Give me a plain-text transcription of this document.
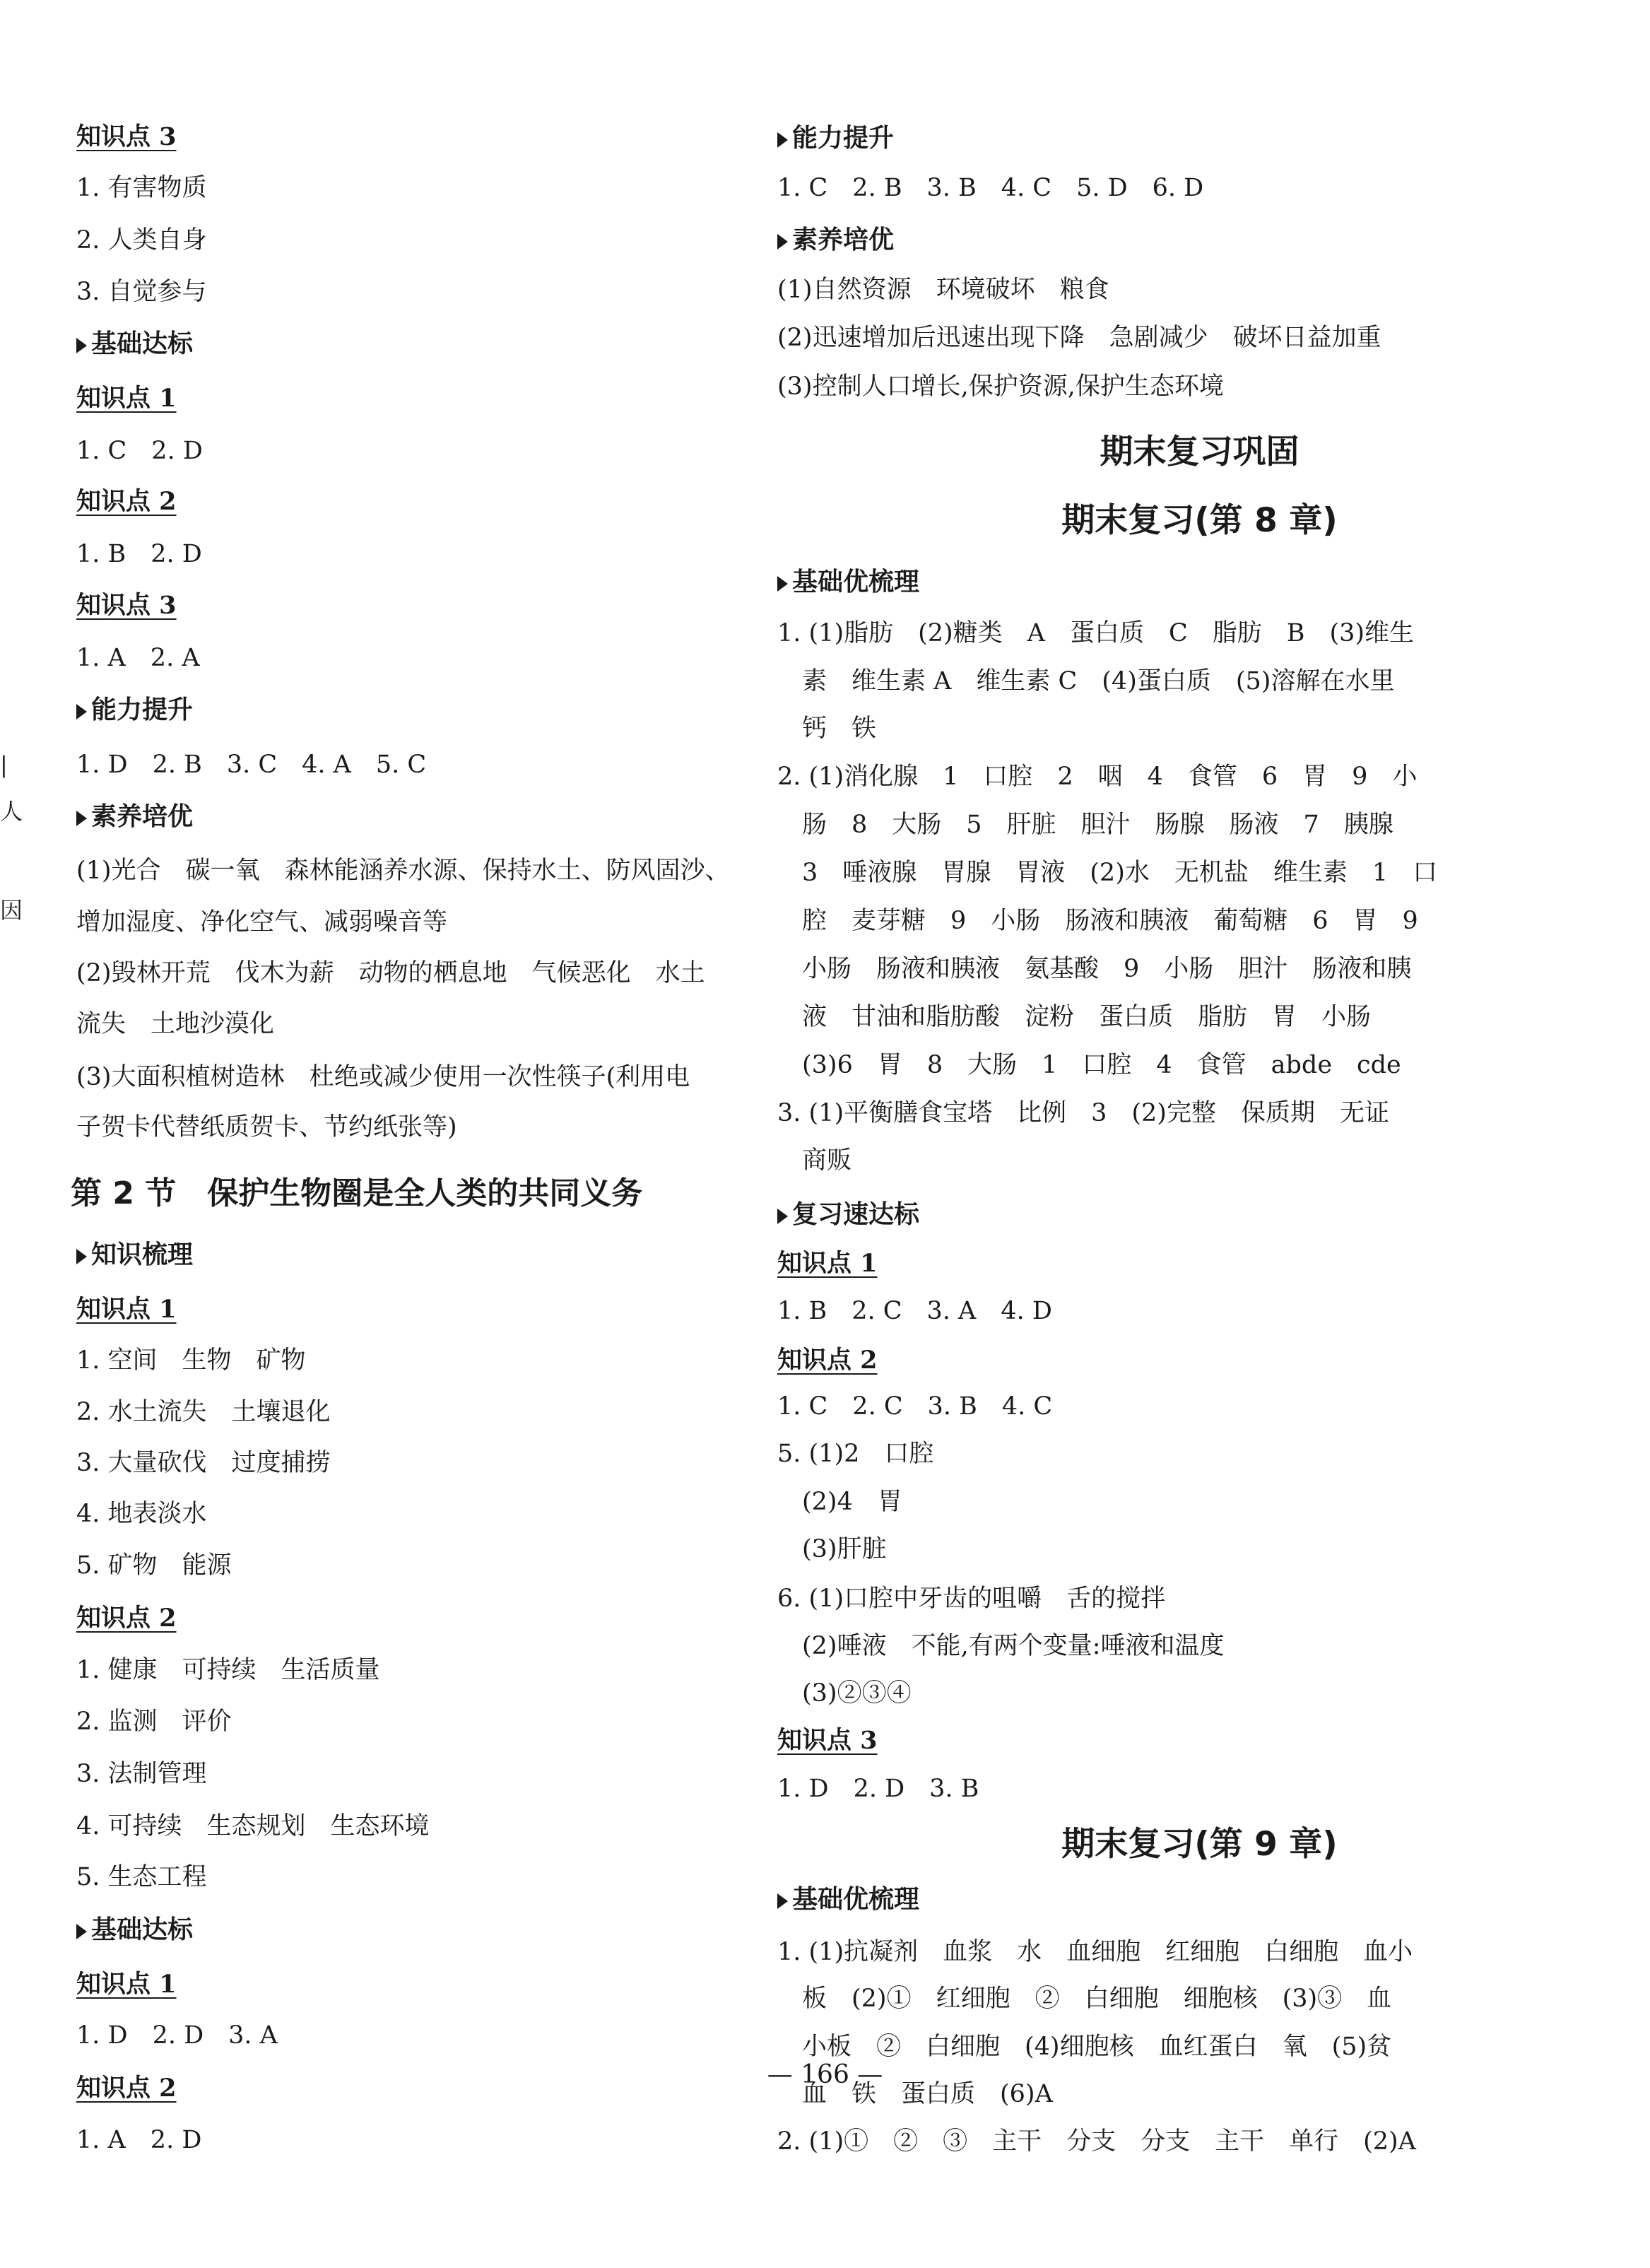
知识点 3
1. 有害物质
2. 人类自身
3. 自觉参与
基础达标
知识点 1
1. C　2. D
知识点 2
1. B　2. D
知识点 3
1. A　2. A
能力提升
1. D　2. B　3. C　4. A　5. C
素养培优
(1)光合　碳一氧　森林能涵养水源、保持水土、防风固沙、
增加湿度、净化空气、减弱噪音等
(2)毁林开荒　伐木为薪　动物的栖息地　气候恶化　水土
流失　土地沙漠化
(3)大面积植树造林　杜绝或减少使用一次性筷子(利用电
子贺卡代替纸质贺卡、节约纸张等)
第 2 节　保护生物圈是全人类的共同义务
知识梳理
知识点 1
1. 空间　生物　矿物
2. 水土流失　土壤退化
3. 大量砍伐　过度捕捞
4. 地表淡水
5. 矿物　能源
知识点 2
1. 健康　可持续　生活质量
2. 监测　评价
3. 法制管理
4. 可持续　生态规划　生态环境
5. 生态工程
基础达标
知识点 1
1. D　2. D　3. A
知识点 2
1. A　2. D
能力提升
1. C　2. B　3. B　4. C　5. D　6. D
素养培优
(1)自然资源　环境破坏　粮食
(2)迅速增加后迅速出现下降　急剧减少　破坏日益加重
(3)控制人口增长,保护资源,保护生态环境
期末复习巩固
期末复习(第 8 章)
基础优梳理
1. (1)脂肪　(2)糖类　A　蛋白质　C　脂肪　B　(3)维生
　素　维生素 A　维生素 C　(4)蛋白质　(5)溶解在水里
　钙　铁
2. (1)消化腺　1　口腔　2　咽　4　食管　6　胃　9　小
　肠　8　大肠　5　肝脏　胆汁　肠腺　肠液　7　胰腺
　3　唾液腺　胃腺　胃液　(2)水　无机盐　维生素　1　口
　腔　麦芽糖　9　小肠　肠液和胰液　葡萄糖　6　胃　9
　小肠　肠液和胰液　氨基酸　9　小肠　胆汁　肠液和胰
　液　甘油和脂肪酸　淀粉　蛋白质　脂肪　胃　小肠
　(3)6　胃　8　大肠　1　口腔　4　食管　abde　cde
3. (1)平衡膳食宝塔　比例　3　(2)完整　保质期　无证
　商贩
复习速达标
知识点 1
1. B　2. C　3. A　4. D
知识点 2
1. C　2. C　3. B　4. C
5. (1)2　口腔
　(2)4　胃
　(3)肝脏
6. (1)口腔中牙齿的咀嚼　舌的搅拌
　(2)唾液　不能,有两个变量:唾液和温度
　(3)②③④
知识点 3
1. D　2. D　3. B
期末复习(第 9 章)
基础优梳理
1. (1)抗凝剂　血浆　水　血细胞　红细胞　白细胞　血小
　板　(2)①　红细胞　②　白细胞　细胞核　(3)③　血
　小板　②　白细胞　(4)细胞核　血红蛋白　氧　(5)贫
　血　铁　蛋白质　(6)A
2. (1)①　②　③　主干　分支　分支　主干　单行　(2)A
|
人
因
— 166 —
